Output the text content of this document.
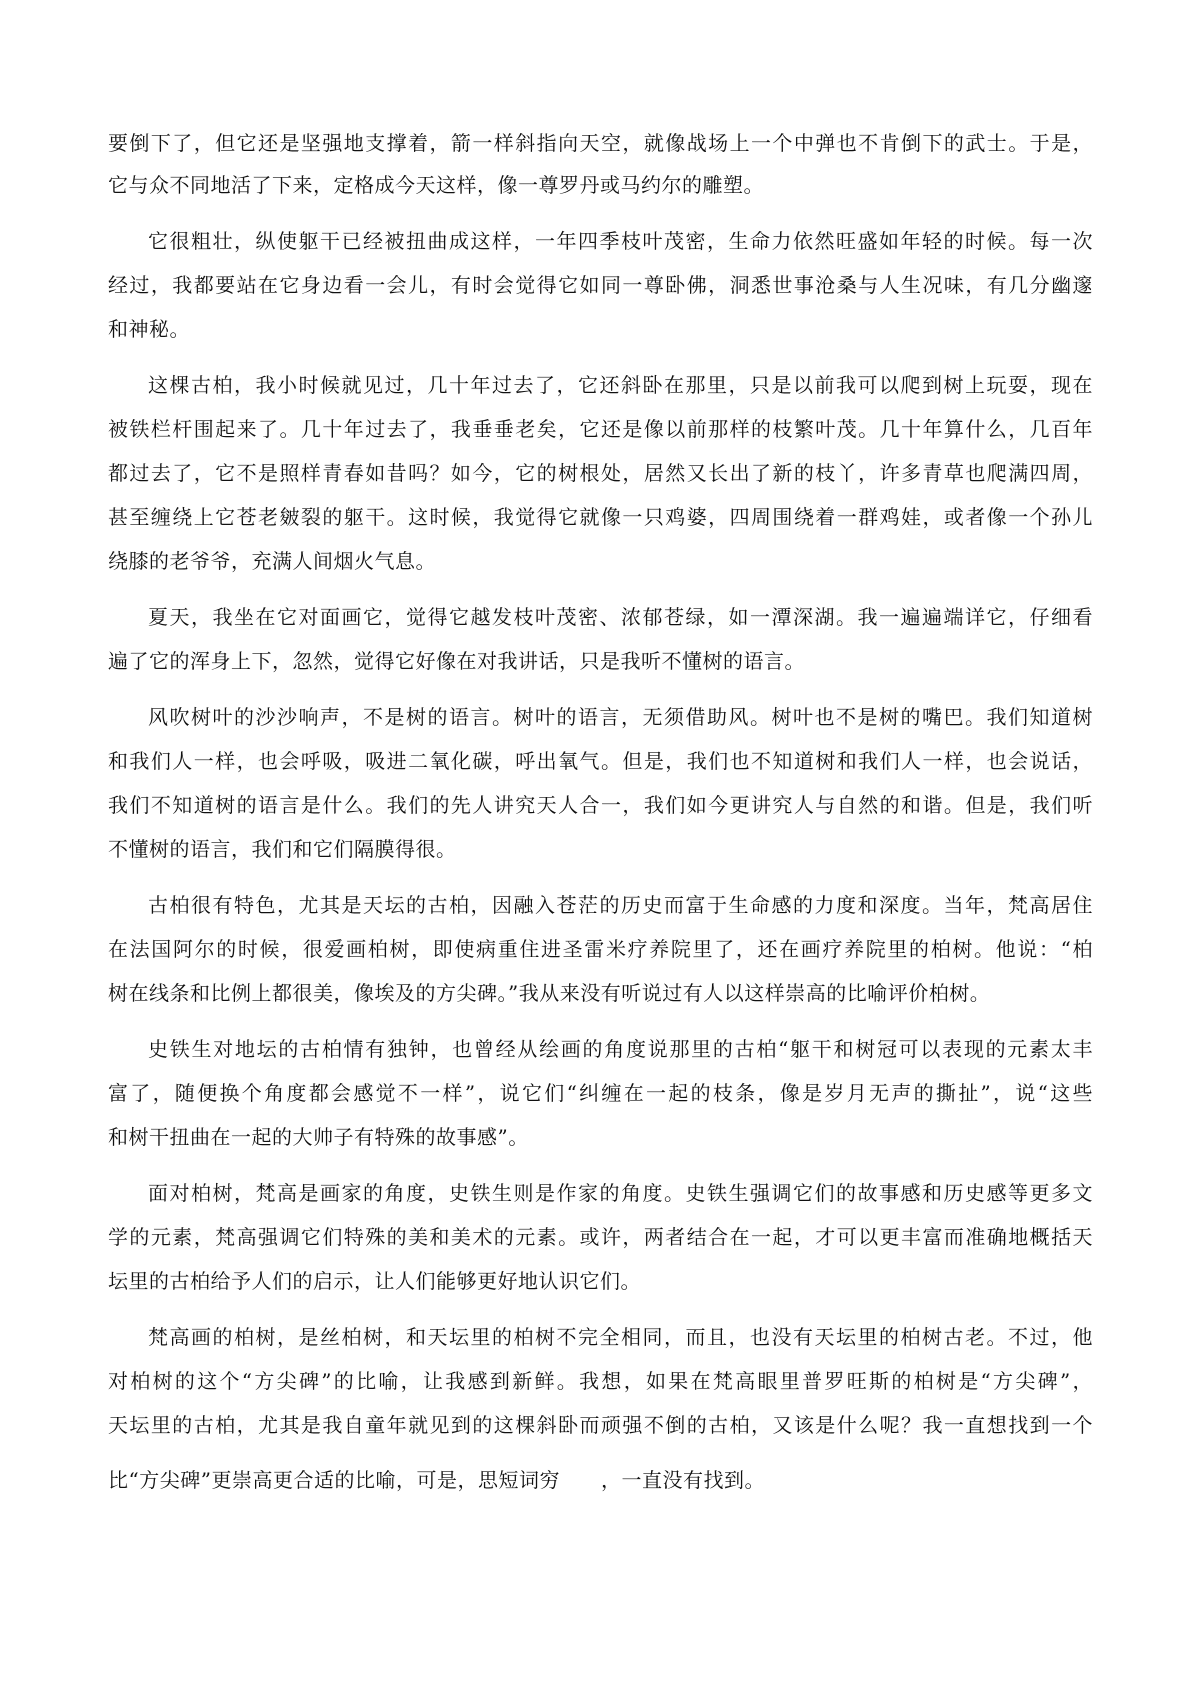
要倒下了，但它还是坚强地支撑着，箭一样斜指向天空，就像战场上一个中弹也不肯倒下的武士。于是，
它与众不同地活了下来，定格成今天这样，像一尊罗丹或马约尔的雕塑。
它很粗壮，纵使躯干已经被扭曲成这样，一年四季枝叶茂密，生命力依然旺盛如年轻的时候。每一次
经过，我都要站在它身边看一会儿，有时会觉得它如同一尊卧佛，洞悉世事沧桑与人生况味，有几分幽邃
和神秘。
这棵古柏，我小时候就见过，几十年过去了，它还斜卧在那里，只是以前我可以爬到树上玩耍，现在
被铁栏杆围起来了。几十年过去了，我垂垂老矣，它还是像以前那样的枝繁叶茂。几十年算什么，几百年
都过去了，它不是照样青春如昔吗？如今，它的树根处，居然又长出了新的枝丫，许多青草也爬满四周，
甚至缠绕上它苍老皴裂的躯干。这时候，我觉得它就像一只鸡婆，四周围绕着一群鸡娃，或者像一个孙儿
绕膝的老爷爷，充满人间烟火气息。
夏天，我坐在它对面画它，觉得它越发枝叶茂密、浓郁苍绿，如一潭深湖。我一遍遍端详它，仔细看
遍了它的浑身上下，忽然，觉得它好像在对我讲话，只是我听不懂树的语言。
风吹树叶的沙沙响声，不是树的语言。树叶的语言，无须借助风。树叶也不是树的嘴巴。我们知道树
和我们人一样，也会呼吸，吸进二氧化碳，呼出氧气。但是，我们也不知道树和我们人一样，也会说话，
我们不知道树的语言是什么。我们的先人讲究天人合一，我们如今更讲究人与自然的和谐。但是，我们听
不懂树的语言，我们和它们隔膜得很。
古柏很有特色，尤其是天坛的古柏，因融入苍茫的历史而富于生命感的力度和深度。当年，梵高居住
在法国阿尔的时候，很爱画柏树，即使病重住进圣雷米疗养院里了，还在画疗养院里的柏树。他说：“柏
树在线条和比例上都很美，像埃及的方尖碑。”我从来没有听说过有人以这样崇高的比喻评价柏树。
史铁生对地坛的古柏情有独钟，也曾经从绘画的角度说那里的古柏“躯干和树冠可以表现的元素太丰
富了，随便换个角度都会感觉不一样”，说它们“纠缠在一起的枝条，像是岁月无声的撕扯”，说“这些
和树干扭曲在一起的大帅子有特殊的故事感”。
面对柏树，梵高是画家的角度，史铁生则是作家的角度。史铁生强调它们的故事感和历史感等更多文
学的元素，梵高强调它们特殊的美和美术的元素。或许，两者结合在一起，才可以更丰富而准确地概括天
坛里的古柏给予人们的启示，让人们能够更好地认识它们。
梵高画的柏树，是丝柏树，和天坛里的柏树不完全相同，而且，也没有天坛里的柏树古老。不过，他
对柏树的这个“方尖碑”的比喻，让我感到新鲜。我想，如果在梵高眼里普罗旺斯的柏树是“方尖碑”，
天坛里的古柏，尤其是我自童年就见到的这棵斜卧而顽强不倒的古柏，又该是什么呢？我一直想找到一个
比“方尖碑”更崇高更合适的比喻，可是，思短词穷　　，一直没有找到。
